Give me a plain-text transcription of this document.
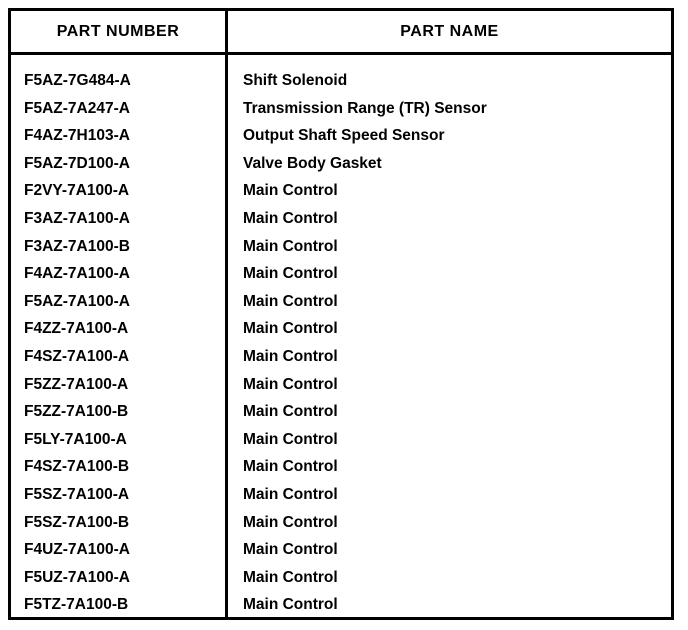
PART NUMBER	PART NAME
F5AZ-7G484-A	Shift Solenoid
F5AZ-7A247-A	Transmission Range (TR) Sensor
F4AZ-7H103-A	Output Shaft Speed Sensor
F5AZ-7D100-A	Valve Body Gasket
F2VY-7A100-A	Main Control
F3AZ-7A100-A	Main Control
F3AZ-7A100-B	Main Control
F4AZ-7A100-A	Main Control
F5AZ-7A100-A	Main Control
F4ZZ-7A100-A	Main Control
F4SZ-7A100-A	Main Control
F5ZZ-7A100-A	Main Control
F5ZZ-7A100-B	Main Control
F5LY-7A100-A	Main Control
F4SZ-7A100-B	Main Control
F5SZ-7A100-A	Main Control
F5SZ-7A100-B	Main Control
F4UZ-7A100-A	Main Control
F5UZ-7A100-A	Main Control
F5TZ-7A100-B	Main Control
